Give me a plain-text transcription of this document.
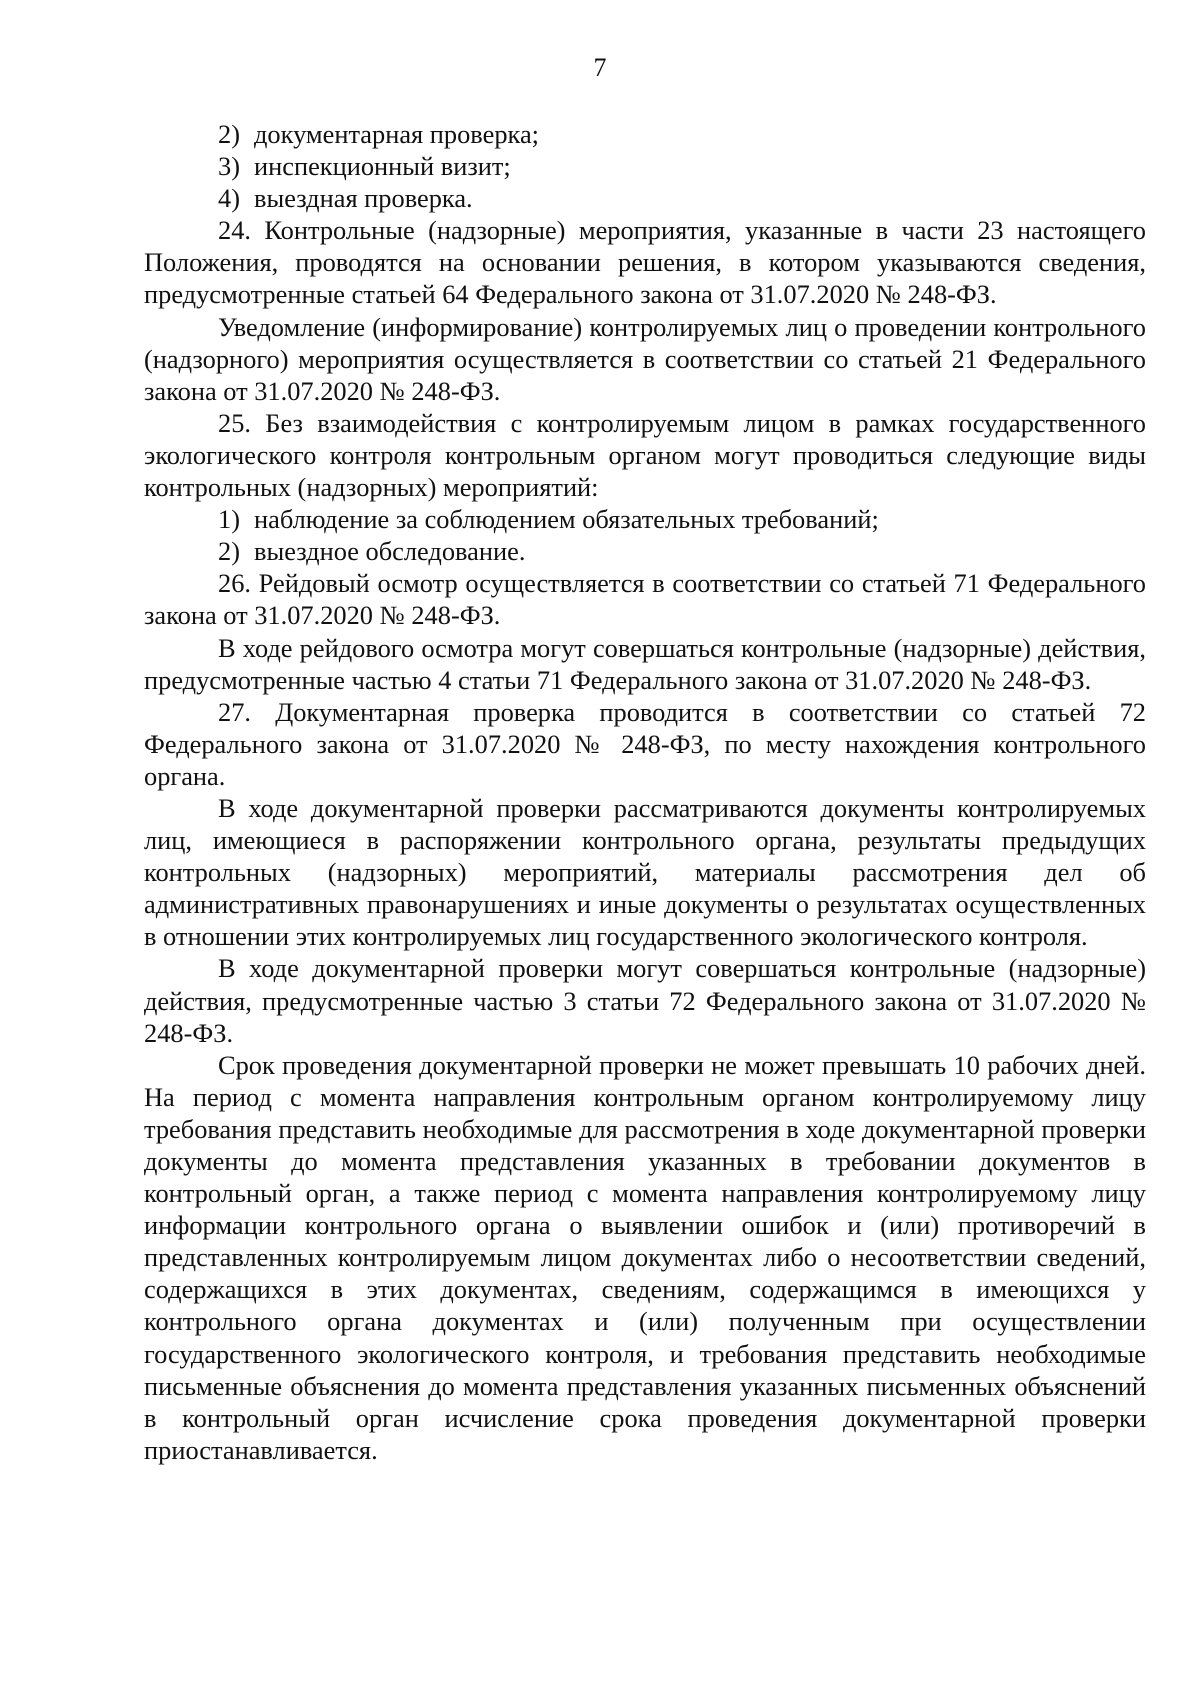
7

2) документарная проверка;

3) инспекционный визит;

4) выездная проверка.

24. Контрольные (надзорные) мероприятия, указанные в части 23 настоящего Положения, проводятся на основании решения, в котором указываются сведения, предусмотренные статьей 64 Федерального закона от 31.07.2020 № 248-ФЗ.

Уведомление (информирование) контролируемых лиц о проведении контрольного (надзорного) мероприятия осуществляется в соответствии со статьей 21 Федерального закона от 31.07.2020 № 248-ФЗ.

25. Без взаимодействия с контролируемым лицом в рамках государственного экологического контроля контрольным органом могут проводиться следующие виды контрольных (надзорных) мероприятий:

1) наблюдение за соблюдением обязательных требований;

2) выездное обследование.

26. Рейдовый осмотр осуществляется в соответствии со статьей 71 Федерального закона от 31.07.2020 № 248-ФЗ.

В ходе рейдового осмотра могут совершаться контрольные (надзорные) действия, предусмотренные частью 4 статьи 71 Федерального закона от 31.07.2020 № 248-ФЗ.

27. Документарная проверка проводится в соответствии со статьей 72 Федерального закона от 31.07.2020 № 248-ФЗ, по месту нахождения контрольного органа.

В ходе документарной проверки рассматриваются документы контролируемых лиц, имеющиеся в распоряжении контрольного органа, результаты предыдущих контрольных (надзорных) мероприятий, материалы рассмотрения дел об административных правонарушениях и иные документы о результатах осуществленных в отношении этих контролируемых лиц государственного экологического контроля.

В ходе документарной проверки могут совершаться контрольные (надзорные) действия, предусмотренные частью 3 статьи 72 Федерального закона от 31.07.2020 № 248-ФЗ.

Срок проведения документарной проверки не может превышать 10 рабочих дней. На период с момента направления контрольным органом контролируемому лицу требования представить необходимые для рассмотрения в ходе документарной проверки документы до момента представления указанных в требовании документов в контрольный орган, а также период с момента направления контролируемому лицу информации контрольного органа о выявлении ошибок и (или) противоречий в представленных контролируемым лицом документах либо о несоответствии сведений, содержащихся в этих документах, сведениям, содержащимся в имеющихся у контрольного органа документах и (или) полученным при осуществлении государственного экологического контроля, и требования представить необходимые письменные объяснения до момента представления указанных письменных объяснений в контрольный орган исчисление срока проведения документарной проверки приостанавливается.
